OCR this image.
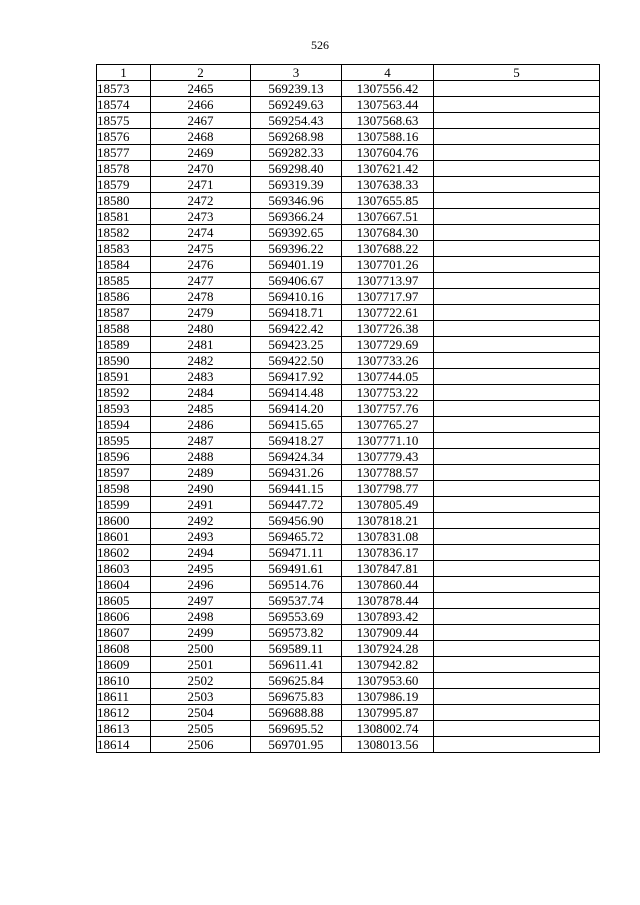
526
1	2	3	4	5
18573	2465	569239.13	1307556.42	
18574	2466	569249.63	1307563.44	
18575	2467	569254.43	1307568.63	
18576	2468	569268.98	1307588.16	
18577	2469	569282.33	1307604.76	
18578	2470	569298.40	1307621.42	
18579	2471	569319.39	1307638.33	
18580	2472	569346.96	1307655.85	
18581	2473	569366.24	1307667.51	
18582	2474	569392.65	1307684.30	
18583	2475	569396.22	1307688.22	
18584	2476	569401.19	1307701.26	
18585	2477	569406.67	1307713.97	
18586	2478	569410.16	1307717.97	
18587	2479	569418.71	1307722.61	
18588	2480	569422.42	1307726.38	
18589	2481	569423.25	1307729.69	
18590	2482	569422.50	1307733.26	
18591	2483	569417.92	1307744.05	
18592	2484	569414.48	1307753.22	
18593	2485	569414.20	1307757.76	
18594	2486	569415.65	1307765.27	
18595	2487	569418.27	1307771.10	
18596	2488	569424.34	1307779.43	
18597	2489	569431.26	1307788.57	
18598	2490	569441.15	1307798.77	
18599	2491	569447.72	1307805.49	
18600	2492	569456.90	1307818.21	
18601	2493	569465.72	1307831.08	
18602	2494	569471.11	1307836.17	
18603	2495	569491.61	1307847.81	
18604	2496	569514.76	1307860.44	
18605	2497	569537.74	1307878.44	
18606	2498	569553.69	1307893.42	
18607	2499	569573.82	1307909.44	
18608	2500	569589.11	1307924.28	
18609	2501	569611.41	1307942.82	
18610	2502	569625.84	1307953.60	
18611	2503	569675.83	1307986.19	
18612	2504	569688.88	1307995.87	
18613	2505	569695.52	1308002.74	
18614	2506	569701.95	1308013.56	
